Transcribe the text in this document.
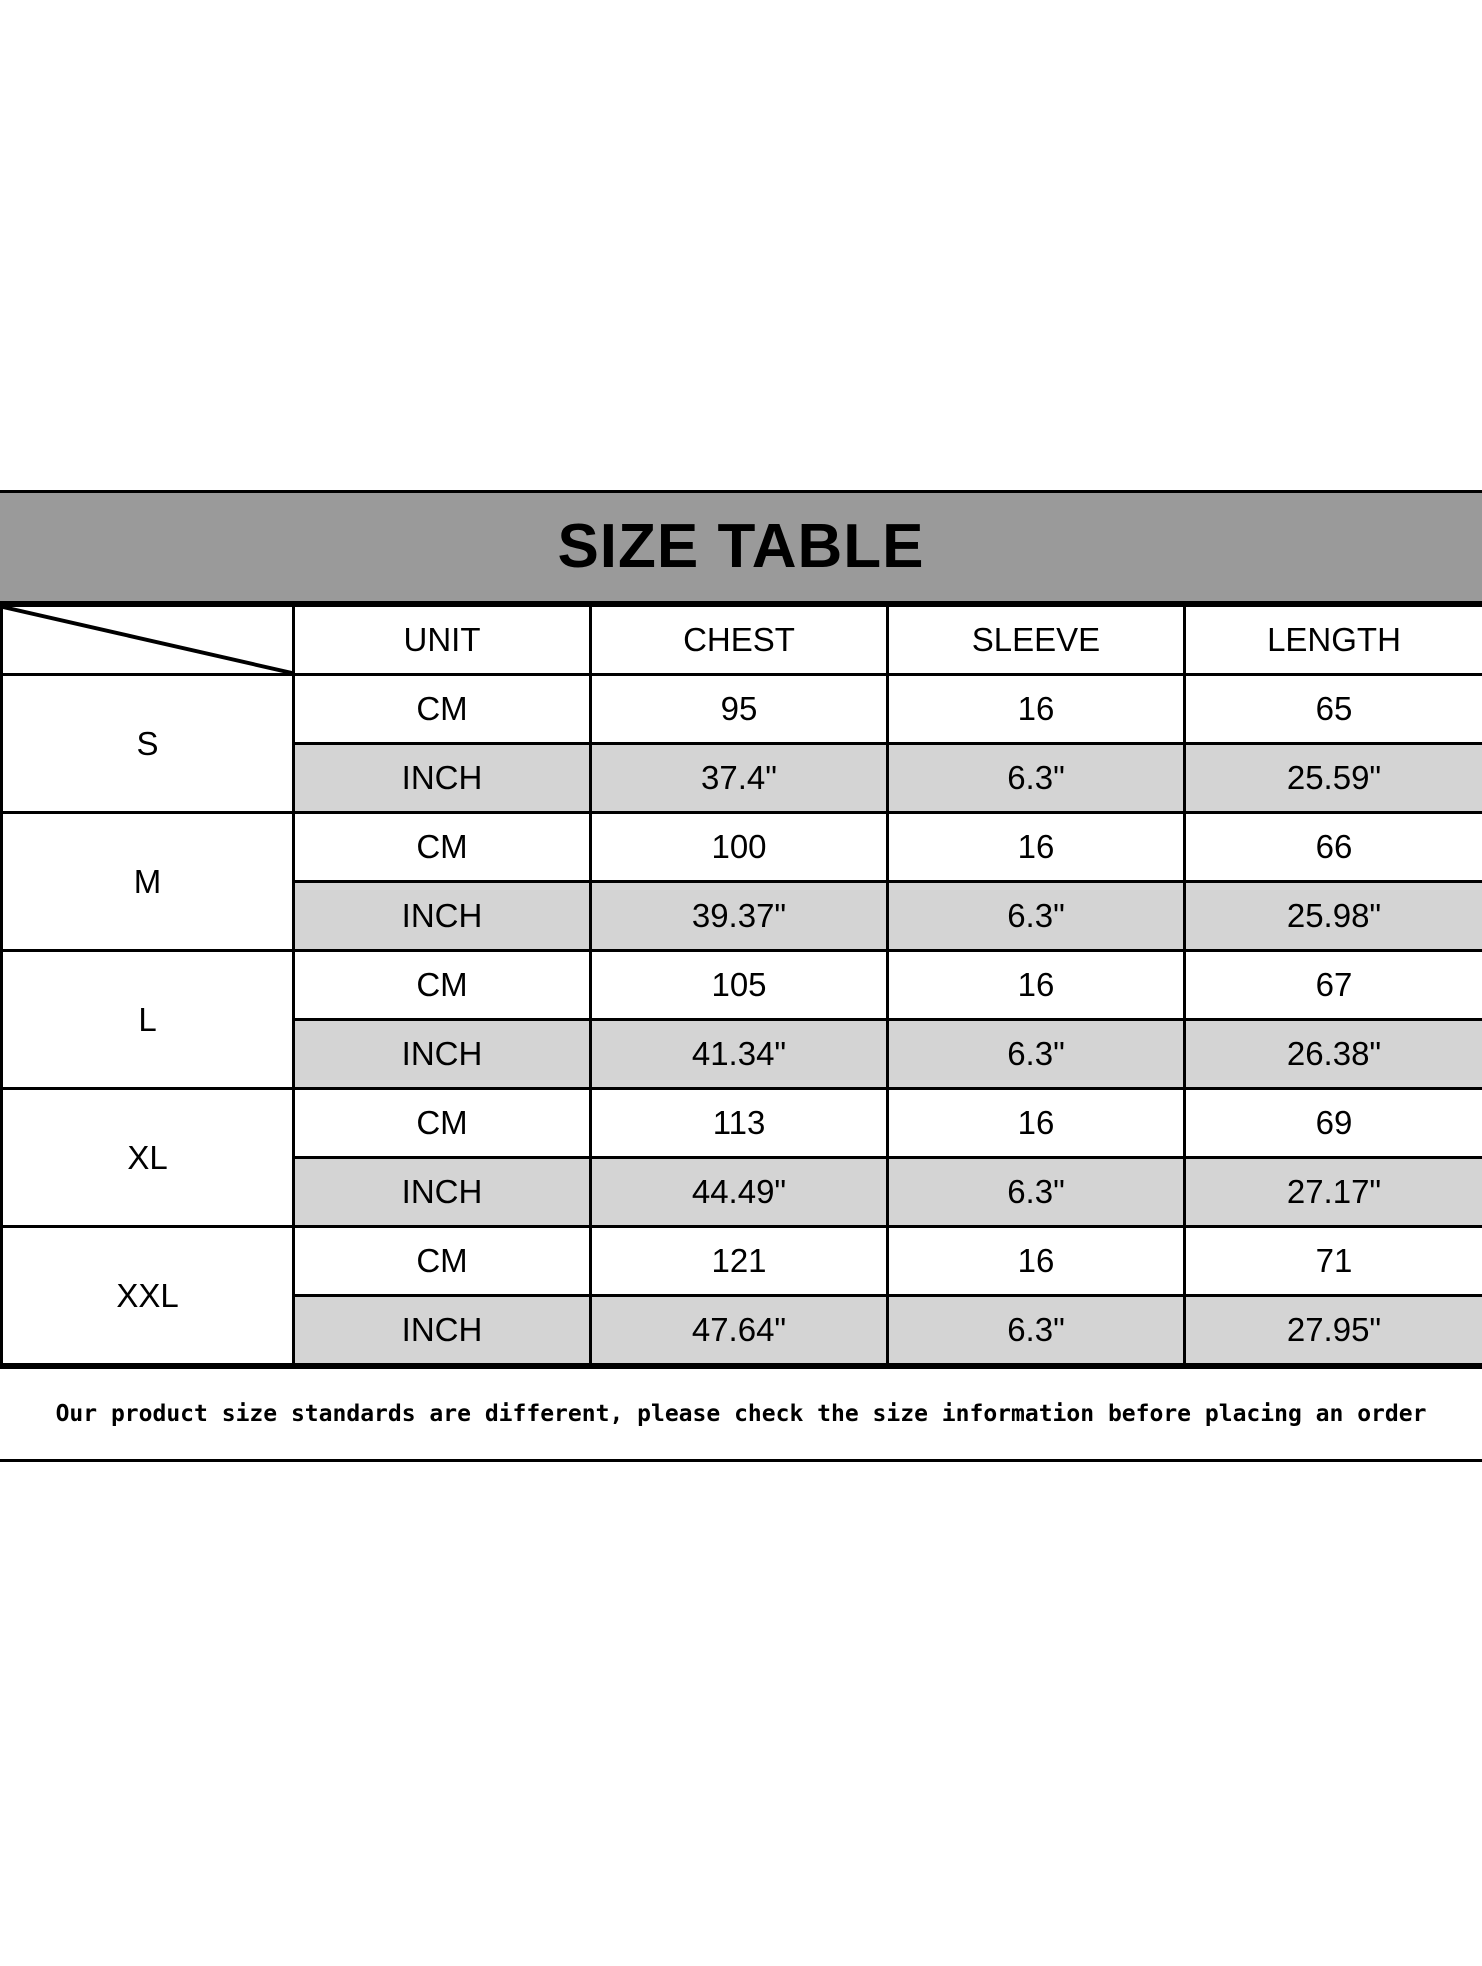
SIZE TABLE
	UNIT	CHEST	SLEEVE	LENGTH
S	CM	95	16	65
	INCH	37.4"	6.3"	25.59"
M	CM	100	16	66
	INCH	39.37"	6.3"	25.98"
L	CM	105	16	67
	INCH	41.34"	6.3"	26.38"
XL	CM	113	16	69
	INCH	44.49"	6.3"	27.17"
XXL	CM	121	16	71
	INCH	47.64"	6.3"	27.95"
Our product size standards are different, please check the size information before placing an order
